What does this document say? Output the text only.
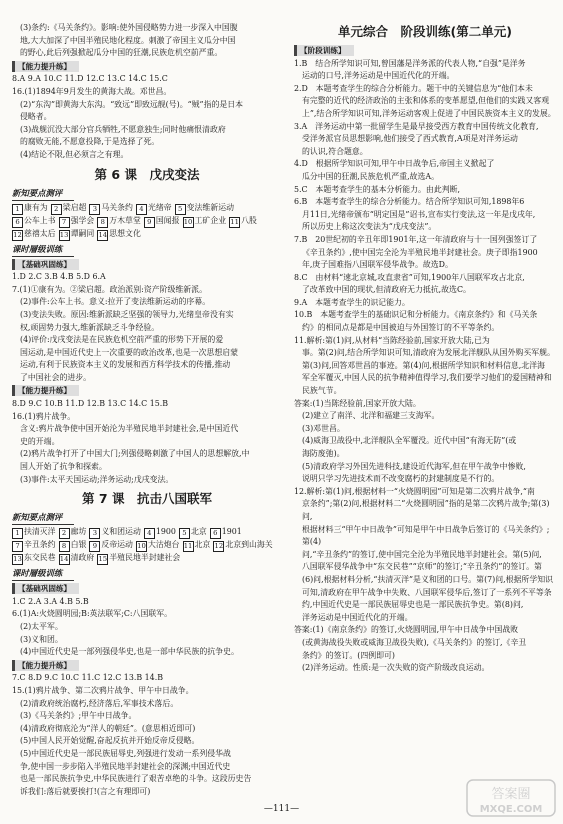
(3)条约:《马关条约》。影响:使外国侵略势力进一步深入中国腹

地,大大加深了中国半殖民地化程度。刺激了帝国主义瓜分中国

的野心,此后列强掀起瓜分中国的狂潮,民族危机空前严重。

【能力提升练】

8.A 9.A 10.C 11.D 12.C 13.C 14.C 15.C

16.(1)1894年9月发生的黄海大战。邓世昌。

(2)“东沟”即黄海大东沟。“致远”即致远舰(号)。“贼”指的是日本

侵略者。

(3)战舰沉没大部分官兵牺牲,不愿意独生;同时他痛恨清政府

的腐败无能,不愿意投降,于是选择了死。

(4)结论不限,但必须言之有理。

第 6 课　戊戌变法
新知要点测评
1 康有为 2 梁启超 3 马关条约 4 光绪帝 5 变法维新运动
6 公车上书 7 强学会 8 万木草堂 9 国闻报 10 工矿企业 11 八股
12 慈禧太后 13 谭嗣同 14 思想文化
课时層级训练
【基础巩固练】

1.D 2.C 3.B 4.B 5.D 6.A

7.(1)①康有为。②梁启超。政治派别:资产阶级维新派。

(2)事件:公车上书。意义:拉开了变法维新运动的序幕。

(3)变法失败。原因:维新派缺乏坚强的领导力,光绪皇帝没有实

权,顽固势力强大,维新派缺乏斗争经验。

(4)评价:戊戌变法是在民族危机空前严重的形势下开展的爱

国运动,是中国近代史上一次重要的政治改革,也是一次思想启蒙

运动,有利于民族资本主义的发展和西方科学技术的传播,推动

了中国社会的进步。

【能力提升练】

8.D 9.C 10.B 11.D 12.B 13.C 14.C 15.B

16.(1)鸦片战争。

含义:鸦片战争使中国开始沦为半殖民地半封建社会,是中国近代

史的开端。

(2)鸦片战争打开了中国大门;列强侵略刺激了中国人的思想解放,中

国人开始了抗争和探索。

(3)事件:太平天国运动;洋务运动;戊戌变法。

第 7 课　抗击八国联军
新知要点测评
1 扶清灭洋 2 廊坊 3 义和团运动 4 1900 5 北京 6 1901
7 辛丑条约 8 白银 9 反帝运动 10 大沽炮台 11 北京 12 北京到山海关
13 东交民巷 14 清政府 15 半殖民地半封建社会
课时層级训练
【基础巩固练】

1.C 2.A 3.A 4.B 5.B

6.(1)A:火烧圆明园;B:英法联军;C:八国联军。

(2)太平军。

(3)义和团。

(4)中国近代史是一部列强侵华史,也是一部中华民族的抗争史。

【能力提升练】

7.C 8.D 9.C 10.C 11.C 12.C 13.B 14.B

15.(1)鸦片战争、第二次鸦片战争、甲午中日战争。

(2)清政府统治腐朽,经济落后,军事技术落后。

(3)《马关条约》;甲午中日战争。

(4)清政府彻底沦为“洋人的朝廷”。(意思相近即可)

(5)中国人民开始觉醒,奋起反抗并开始反帝反侵略。

(5)中国近代史是一部民族屈辱史,列强进行发动一系列侵华战

争,使中国一步步陷入半殖民地半封建社会的深渊;中国近代史

也是一部民族抗争史,中华民族进行了艰苦卓绝的斗争。这段历史告

诉我们:落后就要挨打!(言之有理即可)

单元综合　阶段训练(第二单元)
【阶段训练】

1.B　结合所学知识可知,曾国藩是洋务派的代表人物,“自强”是洋务

运动的口号,洋务运动是中国近代化的开端。

2.D　本题考查学生的综合分析能力。题干中的关键信息为“他们本未

有完整的近代的经济政治的主张和体系的变革愿望,但他们的实践又客观

上”,结合所学知识可知,洋务运动客观上促进了中国民族资本主义的发展。

3.A　洋务运动中第一批留学生是最早接受西方教育中国传统文化教育,

受洋务派官员思想影响,他们接受了西式教育,A项是对洋务运动

的认识,符合题意。

4.D　根据所学知识可知,甲午中日战争后,帝国主义掀起了

瓜分中国的狂潮,民族危机严重,故选A。

5.C　本题考查学生的基本分析能力。由此判断,

6.B　本题考查学生的综合分析能力。结合所学知识可知,1898年6

月11日,光绪帝颁布“明定国是”诏书,宣布实行变法,这一年是戊戌年,

所以历史上称这次变法为“戊戌变法”。

7.B　20世纪初的辛丑年即1901年,这一年清政府与十一国列强签订了

《辛丑条约》,使中国完全沦为半殖民地半封建社会。庚子即指1900

年,庚子国难指八国联军侵华战争。故选D。

8.C　由材料“速北京城,攻直隶省”可知,1900年八国联军攻占北京,

了改革致中国的现状,但清政府无力抵抗,故选C。

9.A　本题考查学生的识记能力。

10.B　本题考查学生的基础识记和分析能力。《南京条约》和《马关条

约》的相同点是都是中国被迫与外国签订的不平等条约。

11.解析:第(1)问,从材料“当陈经验前,国家开放大陆,已为

事。第(2)问,结合所学知识可知,清政府为发展北洋舰队从国外购买军舰。

第(3)问,回答邓世昌的事迹。第(4)问,根据所学知识和材料信息,北洋海

军全军覆灭,中国人民的抗争精神值得学习,我们要学习他们的爱国精神和

民族气节。

答案:(1)当陈经验前,国家开放大陆。

(2)建立了南洋、北洋和福建三支海军。

(3)邓世昌。

(4)威海卫战役中,北洋舰队全军覆没。近代中国“有海无防”(或

海防废弛)。

(5)清政府学习外国先进科技,建设近代海军,但在甲午战争中惨败,

说明只学习先进技术而不改变腐朽的封建制度是不行的。

12.解析:第(1)问,根据材料一“火烧圆明园”可知是第二次鸦片战争,“南

京条约”;第(2)问,根据材料二“火烧圆明园”指的是第二次鸦片战争;第(3)问,

根据材料三“甲午中日战争”可知是甲午中日战争后签订的《马关条约》;第(4)

问,“辛丑条约”的签订,使中国完全沦为半殖民地半封建社会。第(5)问,

八国联军侵华战争中“东交民巷”“京师”的签订;“辛丑条约”的签订。第

(6)问,根据材料分析,“扶清灭洋”是义和团的口号。第(7)问,根据所学知识

可知,清政府在甲午战争中失败、八国联军侵华后,签订了一系列不平等条

约,中国近代史是一部民族屈辱史也是一部民族抗争史。第(8)问,

洋务运动是中国近代化的开端。

答案:(1)《南京条约》的签订,火烧圆明园,甲午中日战争中国战败

(或黄海战役失败或威海卫战役失败),《马关条约》的签订,《辛丑

条约》的签订。(四例即可)

(2)洋务运动。性质:是一次失败的资产阶级改良运动。

—111—
答案圈
MXQE.COM
